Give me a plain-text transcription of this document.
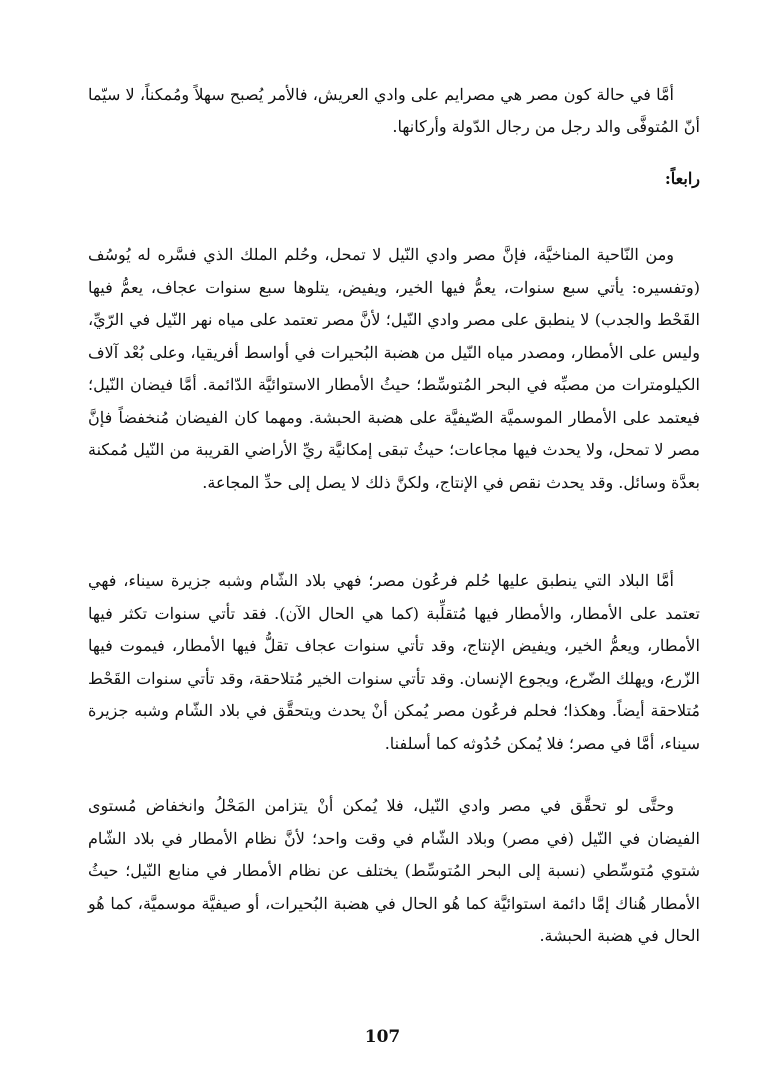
أمَّا في حالة كون مصر هي مصرايم على وادي العريش، فالأمر يُصبح سهلاً ومُمكناً، لا سيّما أنّ المُتوفَّى والد رجل من رجال الدّولة وأركانها.

رابعاً:

ومن النّاحية المناخيَّة، فإنَّ مصر وادي النّيل لا تمحل، وحُلم الملك الذي فسَّره له يُوسُف (وتفسيره: يأتي سبع سنوات، يعمُّ فيها الخير، ويفيض، يتلوها سبع سنوات عجاف، يعمُّ فيها القَحْط والجدب) لا ينطبق على مصر وادي النّيل؛ لأنَّ مصر تعتمد على مياه نهر النّيل في الرّيِّ، وليس على الأمطار، ومصدر مياه النّيل من هضبة البُحيرات في أواسط أفريقيا، وعلى بُعْد آلاف الكيلومترات من مصبِّه في البحر المُتوسِّط؛ حيثُ الأمطار الاستوائيَّة الدّائمة. أمَّا فيضان النّيل؛ فيعتمد على الأمطار الموسميَّة الصّيفيَّة على هضبة الحبشة. ومهما كان الفيضان مُنخفضاً فإنَّ مصر لا تمحل، ولا يحدث فيها مجاعات؛ حيثُ تبقى إمكانيَّة ريِّ الأراضي القريبة من النّيل مُمكنة بعدَّة وسائل. وقد يحدث نقص في الإنتاج، ولكنَّ ذلك لا يصل إلى حدِّ المجاعة.

أمَّا البلاد التي ينطبق عليها حُلم فرعُون مصر؛ فهي بلاد الشّام وشبه جزيرة سيناء، فهي تعتمد على الأمطار، والأمطار فيها مُتقلِّبة (كما هي الحال الآن). فقد تأتي سنوات تكثر فيها الأمطار، ويعمُّ الخير، ويفيض الإنتاج، وقد تأتي سنوات عجاف تقلُّ فيها الأمطار، فيموت فيها الزّرع، ويهلك الضّرع، ويجوع الإنسان. وقد تأتي سنوات الخير مُتلاحقة، وقد تأتي سنوات القَحْط مُتلاحقة أيضاً. وهكذا؛ فحلم فرعُون مصر يُمكن أنْ يحدث ويتحقَّق في بلاد الشّام وشبه جزيرة سيناء، أمَّا في مصر؛ فلا يُمكن حُدُوثه كما أسلفنا.

وحتَّى لو تحقَّق في مصر وادي النّيل، فلا يُمكن أنْ يتزامن المَحْلُ وانخفاض مُستوى الفيضان في النّيل (في مصر) وبلاد الشّام في وقت واحد؛ لأنَّ نظام الأمطار في بلاد الشّام شتوي مُتوسِّطي (نسبة إلى البحر المُتوسِّط) يختلف عن نظام الأمطار في منابع النّيل؛ حيثُ الأمطار هُناك إمَّا دائمة استوائيَّة كما هُو الحال في هضبة البُحيرات، أو صيفيَّة موسميَّة، كما هُو الحال في هضبة الحبشة.

107
